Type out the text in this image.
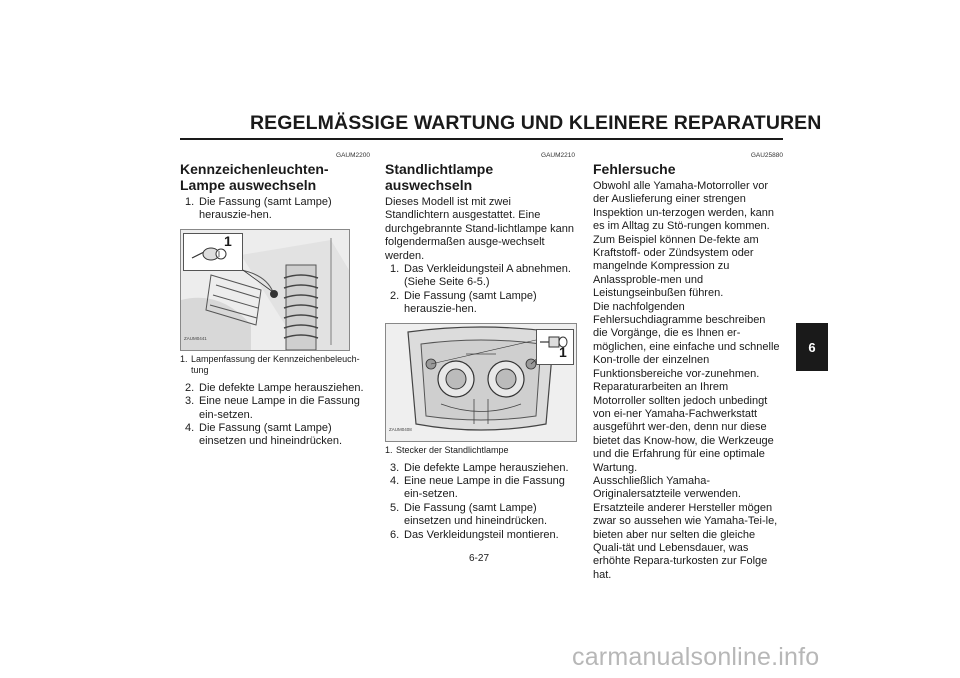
REGELMÄSSIGE WARTUNG UND KLEINERE REPARATUREN
GAUM2200
Kennzeichenleuchten-Lampe auswechseln
1. Die Fassung (samt Lampe) herauszie-hen.
1
ZAUM0441
1. Lampenfassung der Kennzeichenbeleuch-tung
2. Die defekte Lampe herausziehen.
3. Eine neue Lampe in die Fassung ein-setzen.
4. Die Fassung (samt Lampe) einsetzen und hineindrücken.
GAUM2210
Standlichtlampe auswechseln

Dieses Modell ist mit zwei Standlichtern ausgestattet. Eine durchgebrannte Stand-lichtlampe kann folgendermaßen ausge-wechselt werden.

1. Das Verkleidungsteil A abnehmen. (Siehe Seite 6-5.)
2. Die Fassung (samt Lampe) herauszie-hen.
1
ZAUM0408
1. Stecker der Standlichtlampe
3. Die defekte Lampe herausziehen.
4. Eine neue Lampe in die Fassung ein-setzen.
5. Die Fassung (samt Lampe) einsetzen und hineindrücken.
6. Das Verkleidungsteil montieren.
GAU25880
Fehlersuche

Obwohl alle Yamaha-Motorroller vor der Auslieferung einer strengen Inspektion un-terzogen werden, kann es im Alltag zu Stö-rungen kommen. Zum Beispiel können De-fekte am Kraftstoff- oder Zündsystem oder mangelnde Kompression zu Anlassproble-men und Leistungseinbußen führen.

Die nachfolgenden Fehlersuchdiagramme beschreiben die Vorgänge, die es Ihnen er-möglichen, eine einfache und schnelle Kon-trolle der einzelnen Funktionsbereiche vor-zunehmen. Reparaturarbeiten an Ihrem Motorroller sollten jedoch unbedingt von ei-ner Yamaha-Fachwerkstatt ausgeführt wer-den, denn nur diese bietet das Know-how, die Werkzeuge und die Erfahrung für eine optimale Wartung.

Ausschließlich Yamaha-Originalersatzteile verwenden. Ersatzteile anderer Hersteller mögen zwar so aussehen wie Yamaha-Tei-le, bieten aber nur selten die gleiche Quali-tät und Lebensdauer, was erhöhte Repara-turkosten zur Folge hat.

6
6-27
carmanualsonline.info
